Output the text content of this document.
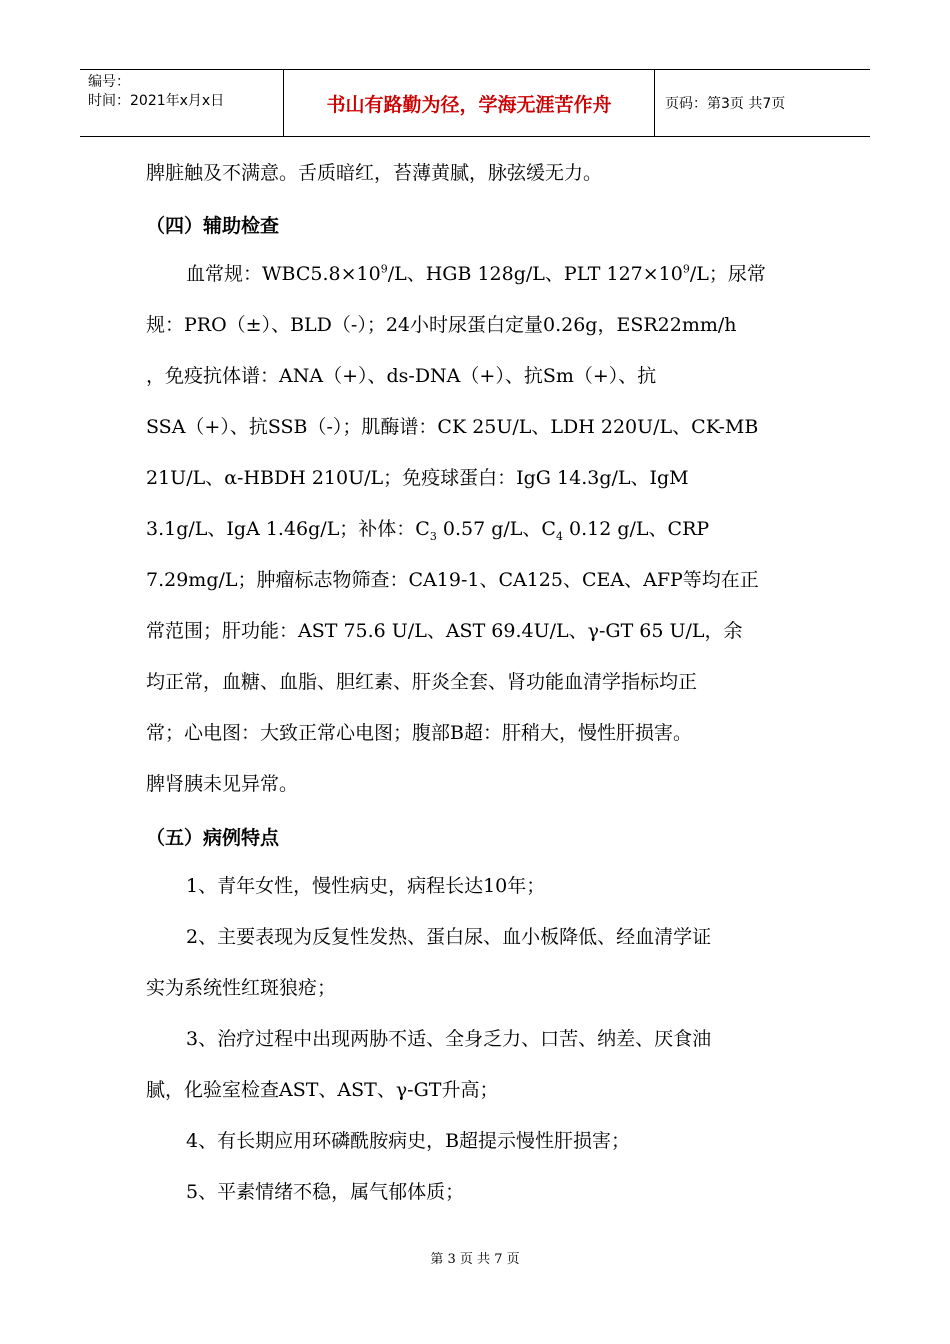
编号：
时间：2021年x月x日	书山有路勤为径，学海无涯苦作舟	页码：第3页 共7页
脾脏触及不满意。舌质暗红，苔薄黄腻，脉弦缓无力。
（四）辅助检查
血常规：$WBC5.8\times 10^9/L$、HGB 128g/L、PLT $127\times 10^9/L$；尿常
规：PRO（±）、BLD（-）；24小时尿蛋白定量0.26g，ESR22mm/h
，免疫抗体谱：ANA（+）、ds-DNA（+）、抗Sm（+）、抗
SSA（+）、抗SSB（-）；肌酶谱：CK 25U/L、LDH 220U/L、CK-MB
21U/L、α-HBDH 210U/L；免疫球蛋白：IgG 14.3g/L、IgM
3.1g/L、IgA 1.46g/L；补体：$C_3$ 0.57 g/L、$C_4$ 0.12 g/L、CRP
7.29mg/L；肿瘤标志物筛查：CA19-1、CA125、CEA、AFP等均在正
常范围；肝功能：AST 75.6 U/L、AST 69.4U/L、γ-GT 65 U/L，余
均正常，血糖、血脂、胆红素、肝炎全套、肾功能血清学指标均正
常；心电图：大致正常心电图；腹部B超：肝稍大，慢性肝损害。
脾肾胰未见异常。
（五）病例特点
1、青年女性，慢性病史，病程长达10年；
2、主要表现为反复性发热、蛋白尿、血小板降低、经血清学证
实为系统性红斑狼疮；
3、治疗过程中出现两胁不适、全身乏力、口苦、纳差、厌食油
腻，化验室检查AST、AST、γ-GT升高；
4、有长期应用环磷酰胺病史，B超提示慢性肝损害；
5、平素情绪不稳，属气郁体质；
第 3 页 共 7 页
